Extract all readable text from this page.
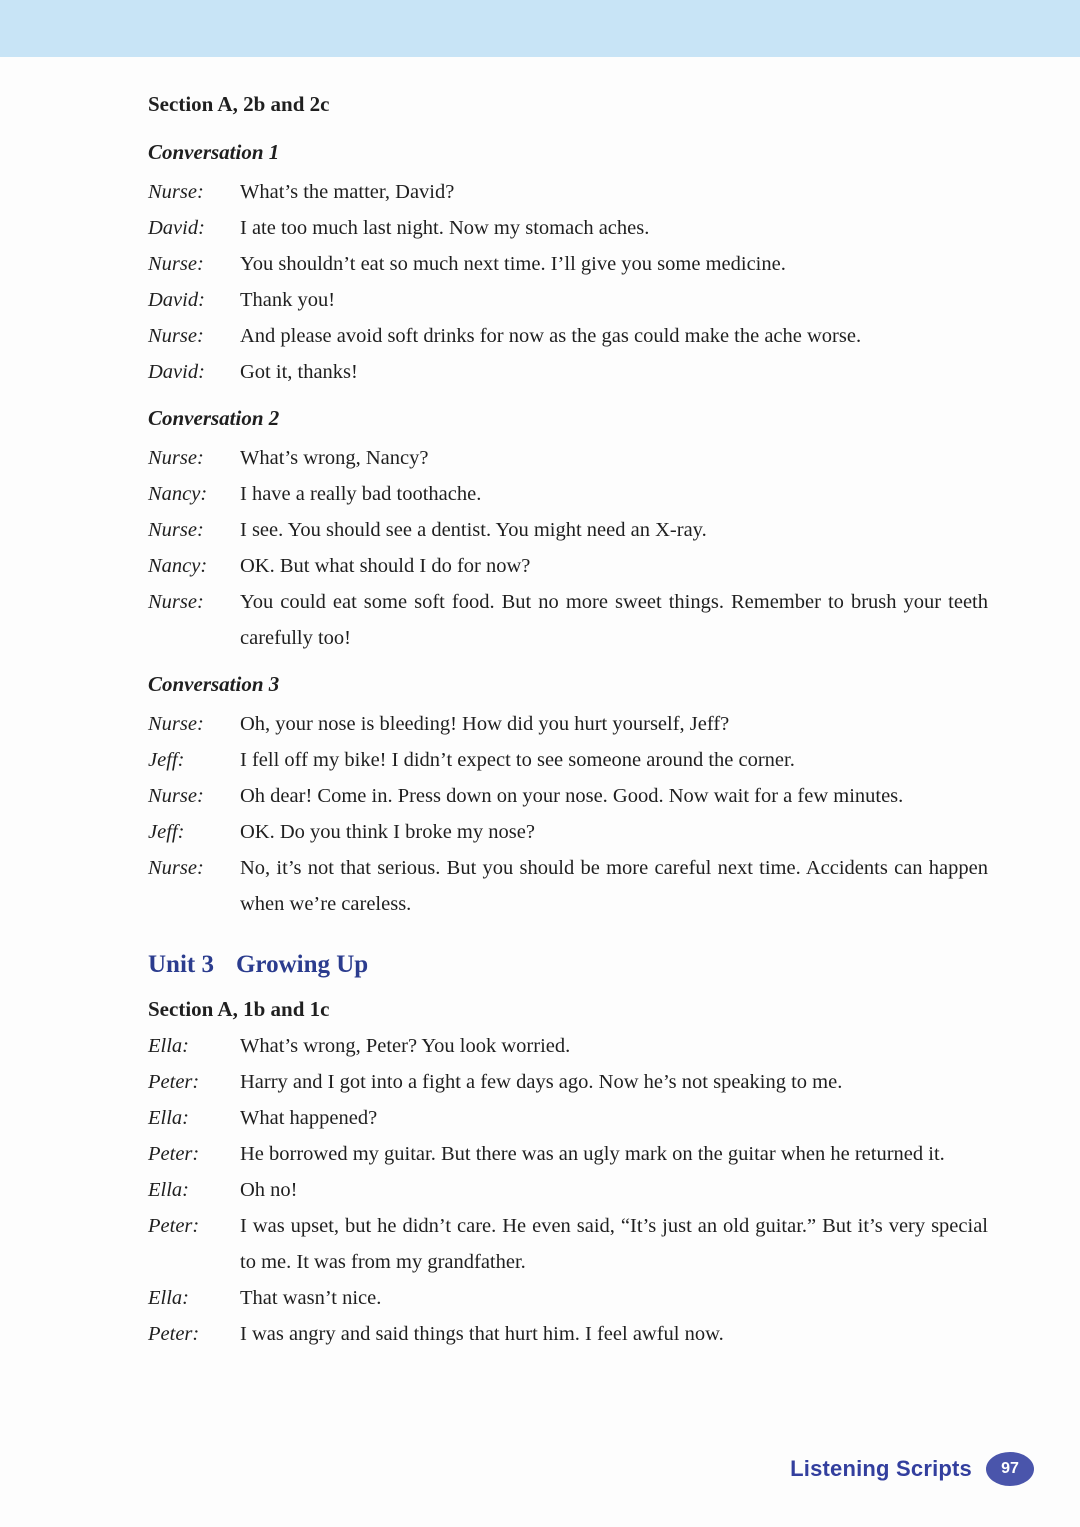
Section A, 2b and 2c
Conversation 1
Nurse:	What’s the matter, David?
David:	I ate too much last night. Now my stomach aches.
Nurse:	You shouldn’t eat so much next time. I’ll give you some medicine.
David:	Thank you!
Nurse:	And please avoid soft drinks for now as the gas could make the ache worse.
David:	Got it, thanks!
Conversation 2
Nurse:	What’s wrong, Nancy?
Nancy:	I have a really bad toothache.
Nurse:	I see. You should see a dentist. You might need an X-ray.
Nancy:	OK. But what should I do for now?
Nurse:	You could eat some soft food. But no more sweet things. Remember to brush your teeth carefully too!
Conversation 3
Nurse:	Oh, your nose is bleeding! How did you hurt yourself, Jeff?
Jeff:	I fell off my bike! I didn’t expect to see someone around the corner.
Nurse:	Oh dear! Come in. Press down on your nose. Good. Now wait for a few minutes.
Jeff:	OK. Do you think I broke my nose?
Nurse:	No, it’s not that serious. But you should be more careful next time. Accidents can happen when we’re careless.
Unit 3 Growing Up
Section A, 1b and 1c
Ella:	What’s wrong, Peter? You look worried.
Peter:	Harry and I got into a fight a few days ago. Now he’s not speaking to me.
Ella:	What happened?
Peter:	He borrowed my guitar. But there was an ugly mark on the guitar when he returned it.
Ella:	Oh no!
Peter:	I was upset, but he didn’t care. He even said, “It’s just an old guitar.” But it’s very special to me. It was from my grandfather.
Ella:	That wasn’t nice.
Peter:	I was angry and said things that hurt him. I feel awful now.
Listening Scripts	97
